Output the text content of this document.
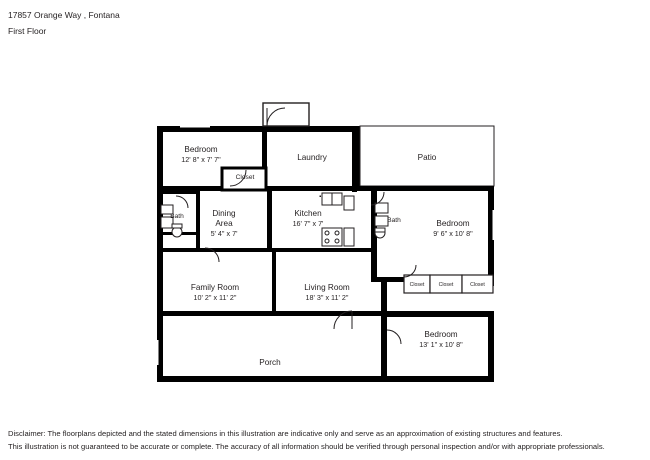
17857 Orange Way , Fontana
First Floor
Bedroom
12' 8" x 7' 7"	Laundry	Patio
Bath	Dining
Area
5' 4" x 7'
Kitchen
16' 7" x 7'	Bath	Bedroom
9' 6" x 10' 8"
Family Room
10' 2" x 11' 2"
Living Room
18' 3" x 11' 2"
Bedroom
13' 1" x 10' 8"
Porch
Closet
Closet	Closet	Closet
Disclaimer: The floorplans depicted and the stated dimensions in this illustration are indicative only and serve as an approximation of existing structures and features.
This illustration is not guaranteed to be accurate or complete. The accuracy of all information should be verified through personal inspection and/or with appropriate professionals.
